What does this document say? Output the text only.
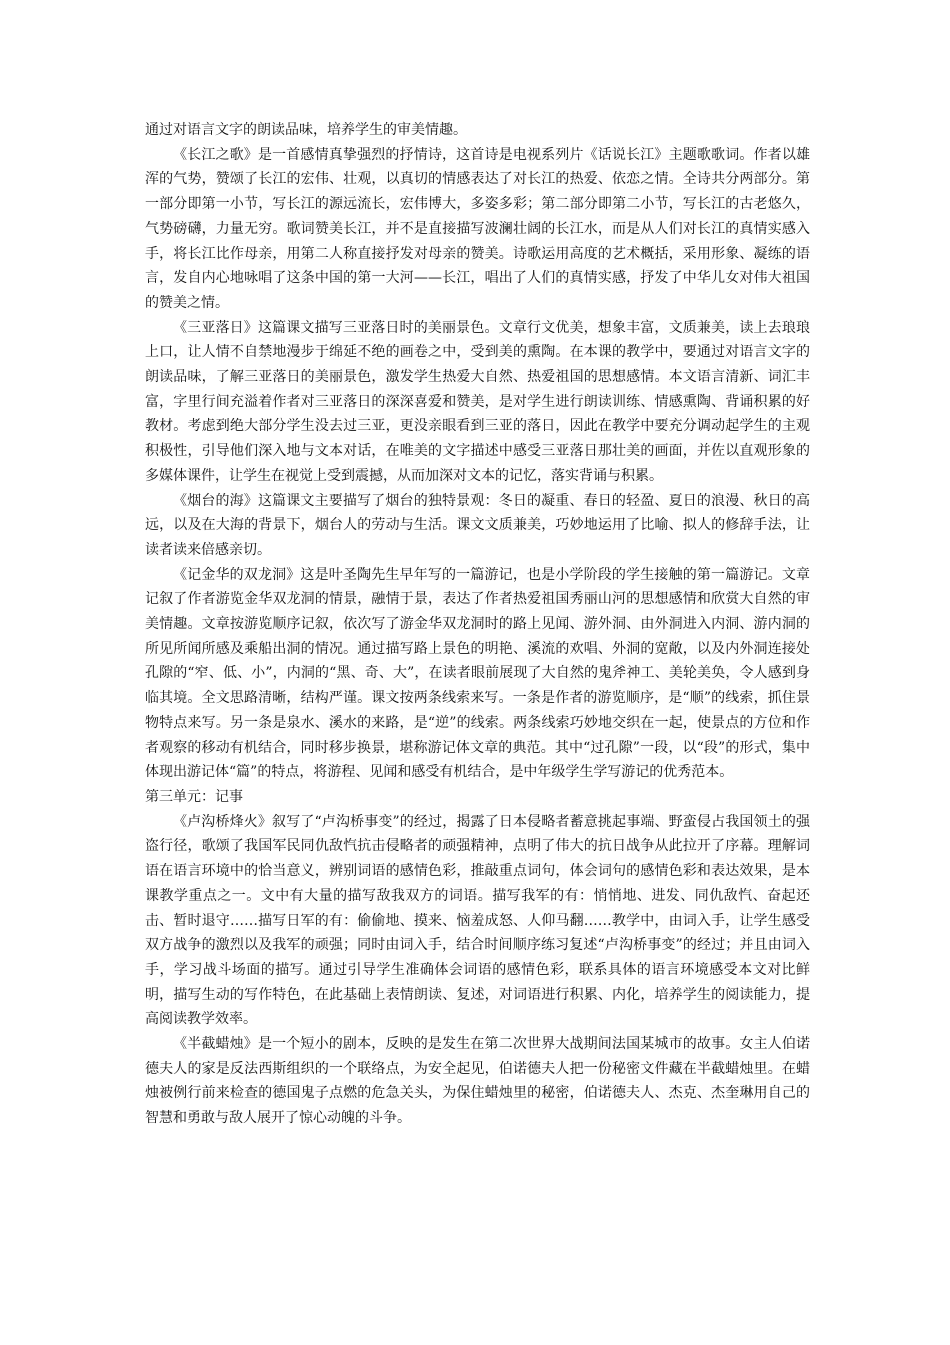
通过对语言文字的朗读品味，培养学生的审美情趣。

《长江之歌》是一首感情真挚强烈的抒情诗，这首诗是电视系列片《话说长江》主题歌歌词。作者以雄浑的气势，赞颂了长江的宏伟、壮观，以真切的情感表达了对长江的热爱、依恋之情。全诗共分两部分。第一部分即第一小节，写长江的源远流长，宏伟博大，多姿多彩；第二部分即第二小节，写长江的古老悠久，气势磅礴，力量无穷。歌词赞美长江，并不是直接描写波澜壮阔的长江水，而是从人们对长江的真情实感入手，将长江比作母亲，用第二人称直接抒发对母亲的赞美。诗歌运用高度的艺术概括，采用形象、凝练的语言，发自内心地咏唱了这条中国的第一大河——长江，唱出了人们的真情实感，抒发了中华儿女对伟大祖国的赞美之情。

《三亚落日》这篇课文描写三亚落日时的美丽景色。文章行文优美，想象丰富，文质兼美，读上去琅琅上口，让人情不自禁地漫步于绵延不绝的画卷之中，受到美的熏陶。在本课的教学中，要通过对语言文字的朗读品味，了解三亚落日的美丽景色，激发学生热爱大自然、热爱祖国的思想感情。本文语言清新、词汇丰富，字里行间充溢着作者对三亚落日的深深喜爱和赞美，是对学生进行朗读训练、情感熏陶、背诵积累的好教材。考虑到绝大部分学生没去过三亚，更没亲眼看到三亚的落日，因此在教学中要充分调动起学生的主观积极性，引导他们深入地与文本对话，在唯美的文字描述中感受三亚落日那壮美的画面，并佐以直观形象的多媒体课件，让学生在视觉上受到震撼，从而加深对文本的记忆，落实背诵与积累。

《烟台的海》这篇课文主要描写了烟台的独特景观：冬日的凝重、春日的轻盈、夏日的浪漫、秋日的高远，以及在大海的背景下，烟台人的劳动与生活。课文文质兼美，巧妙地运用了比喻、拟人的修辞手法，让读者读来倍感亲切。

《记金华的双龙洞》这是叶圣陶先生早年写的一篇游记，也是小学阶段的学生接触的第一篇游记。文章记叙了作者游览金华双龙洞的情景，融情于景，表达了作者热爱祖国秀丽山河的思想感情和欣赏大自然的审美情趣。文章按游览顺序记叙，依次写了游金华双龙洞时的路上见闻、游外洞、由外洞进入内洞、游内洞的所见所闻所感及乘船出洞的情况。通过描写路上景色的明艳、溪流的欢唱、外洞的宽敞，以及内外洞连接处孔隙的“窄、低、小”，内洞的“黑、奇、大”，在读者眼前展现了大自然的鬼斧神工、美轮美奂，令人感到身临其境。全文思路清晰，结构严谨。课文按两条线索来写。一条是作者的游览顺序，是“顺”的线索，抓住景物特点来写。另一条是泉水、溪水的来路，是“逆”的线索。两条线索巧妙地交织在一起，使景点的方位和作者观察的移动有机结合，同时移步换景，堪称游记体文章的典范。其中“过孔隙”一段，以“段”的形式，集中体现出游记体“篇”的特点，将游程、见闻和感受有机结合，是中年级学生学写游记的优秀范本。

第三单元：记事

《卢沟桥烽火》叙写了“卢沟桥事变”的经过，揭露了日本侵略者蓄意挑起事端、野蛮侵占我国领土的强盗行径，歌颂了我国军民同仇敌忾抗击侵略者的顽强精神，点明了伟大的抗日战争从此拉开了序幕。理解词语在语言环境中的恰当意义，辨别词语的感情色彩，推敲重点词句，体会词句的感情色彩和表达效果，是本课教学重点之一。文中有大量的描写敌我双方的词语。描写我军的有：悄悄地、进发、同仇敌忾、奋起还击、暂时退守……描写日军的有：偷偷地、摸来、恼羞成怒、人仰马翻……教学中，由词入手，让学生感受双方战争的激烈以及我军的顽强；同时由词入手，结合时间顺序练习复述“卢沟桥事变”的经过；并且由词入手，学习战斗场面的描写。通过引导学生准确体会词语的感情色彩，联系具体的语言环境感受本文对比鲜明，描写生动的写作特色，在此基础上表情朗读、复述，对词语进行积累、内化，培养学生的阅读能力，提高阅读教学效率。

《半截蜡烛》是一个短小的剧本，反映的是发生在第二次世界大战期间法国某城市的故事。女主人伯诺德夫人的家是反法西斯组织的一个联络点，为安全起见，伯诺德夫人把一份秘密文件藏在半截蜡烛里。在蜡烛被例行前来检查的德国鬼子点燃的危急关头，为保住蜡烛里的秘密，伯诺德夫人、杰克、杰奎琳用自己的智慧和勇敢与敌人展开了惊心动魄的斗争。
